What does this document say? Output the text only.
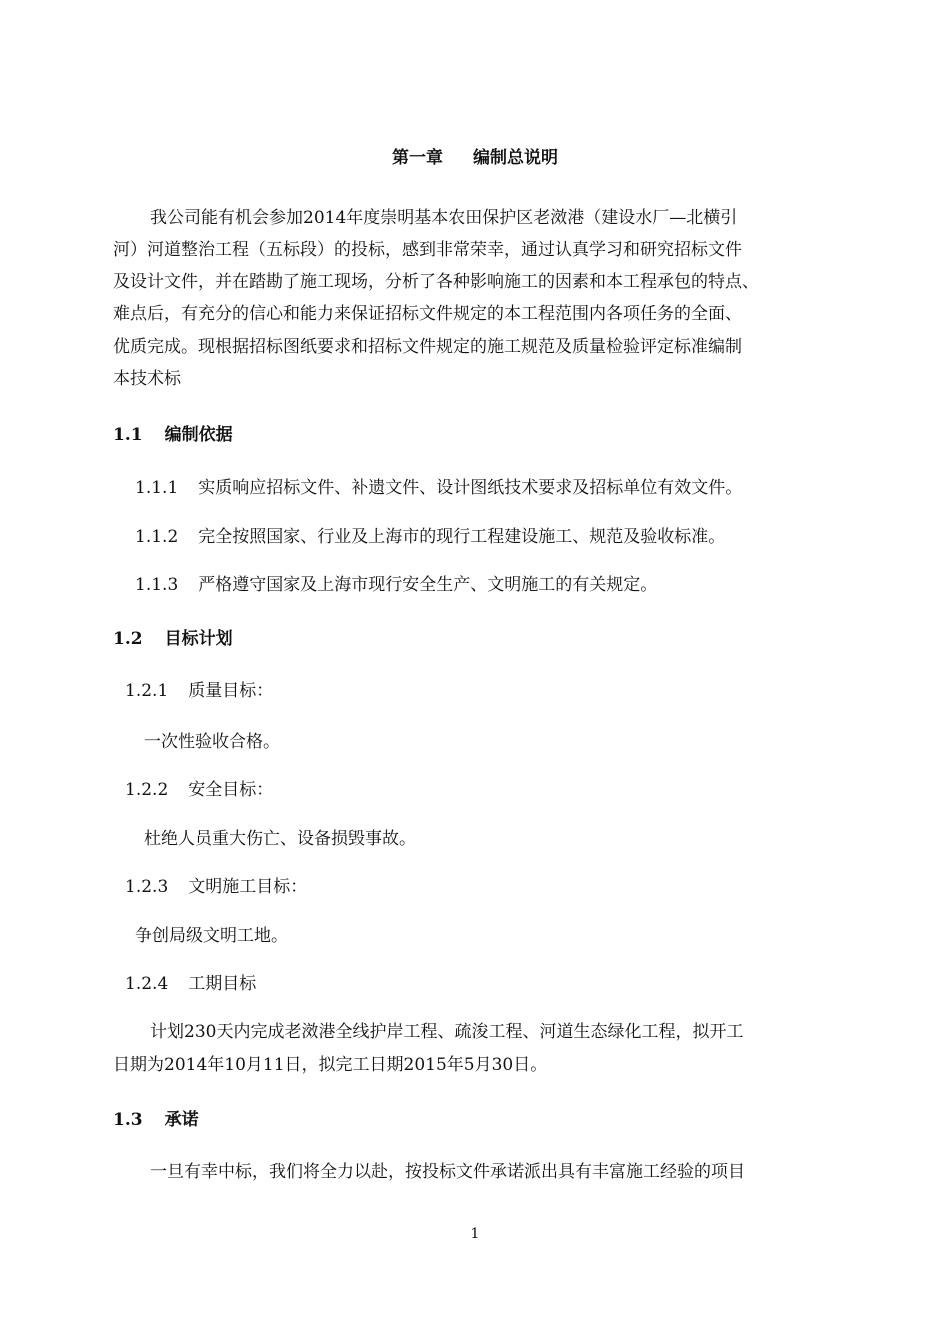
第一章 编制总说明
我公司能有机会参加2014年度崇明基本农田保护区老滧港（建设水厂—北横引
河）河道整治工程（五标段）的投标，感到非常荣幸，通过认真学习和研究招标文件
及设计文件，并在踏勘了施工现场，分析了各种影响施工的因素和本工程承包的特点、
难点后，有充分的信心和能力来保证招标文件规定的本工程范围内各项任务的全面、
优质完成。现根据招标图纸要求和招标文件规定的施工规范及质量检验评定标准编制
本技术标
1.1 编制依据
1.1.1 实质响应招标文件、补遗文件、设计图纸技术要求及招标单位有效文件。
1.1.2 完全按照国家、行业及上海市的现行工程建设施工、规范及验收标准。
1.1.3 严格遵守国家及上海市现行安全生产、文明施工的有关规定。
1.2 目标计划
1.2.1 质量目标：
一次性验收合格。
1.2.2 安全目标：
杜绝人员重大伤亡、设备损毁事故。
1.2.3 文明施工目标：
争创局级文明工地。
1.2.4 工期目标
计划230天内完成老滧港全线护岸工程、疏浚工程、河道生态绿化工程，拟开工
日期为2014年10月11日，拟完工日期2015年5月30日。
1.3 承诺
一旦有幸中标，我们将全力以赴，按投标文件承诺派出具有丰富施工经验的项目
1
